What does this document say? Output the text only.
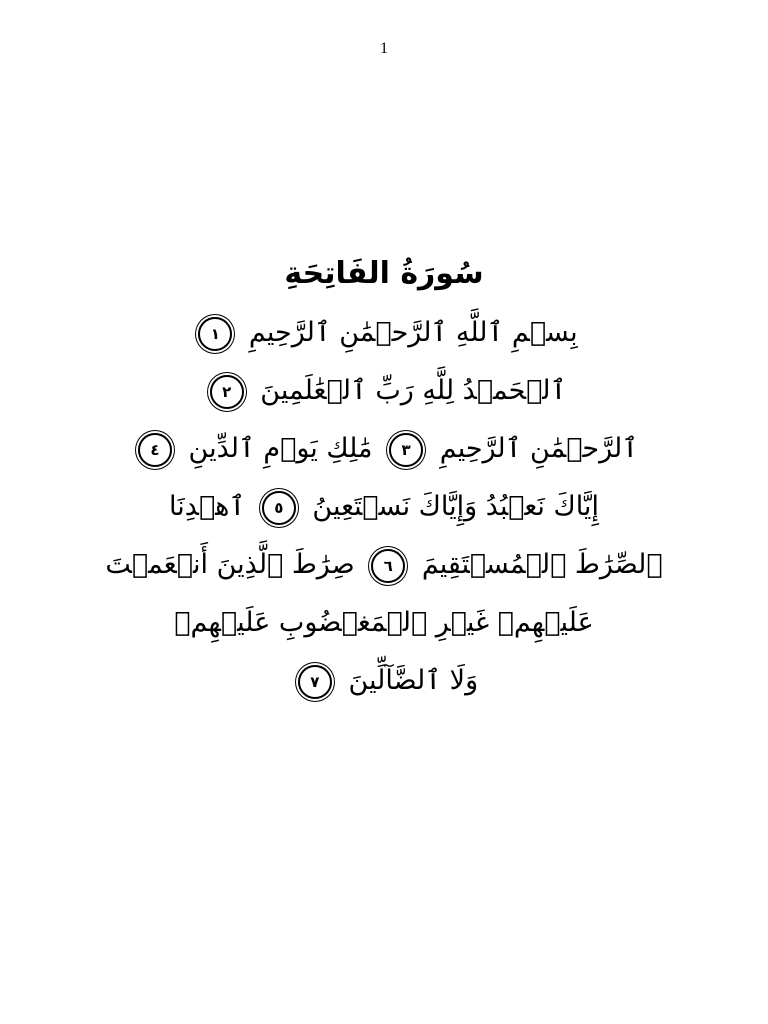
1
سُورَةُ الفَاتِحَةِ
بِسۡمِ ٱللَّهِ ٱلرَّحۡمَٰنِ ٱلرَّحِيمِ ١
ٱلۡحَمۡدُ لِلَّهِ رَبِّ ٱلۡعَٰلَمِينَ ٢
ٱلرَّحۡمَٰنِ ٱلرَّحِيمِ ٣ مَٰلِكِ يَوۡمِ ٱلدِّينِ ٤
إِيَّاكَ نَعۡبُدُ وَإِيَّاكَ نَسۡتَعِينُ ٥ ٱهۡدِنَا
ٱلصِّرَٰطَ ٱلۡمُسۡتَقِيمَ ٦ صِرَٰطَ ٱلَّذِينَ أَنۡعَمۡتَ
عَلَيۡهِمۡ غَيۡرِ ٱلۡمَغۡضُوبِ عَلَيۡهِمۡ
وَلَا ٱلضَّآلِّينَ ٧
